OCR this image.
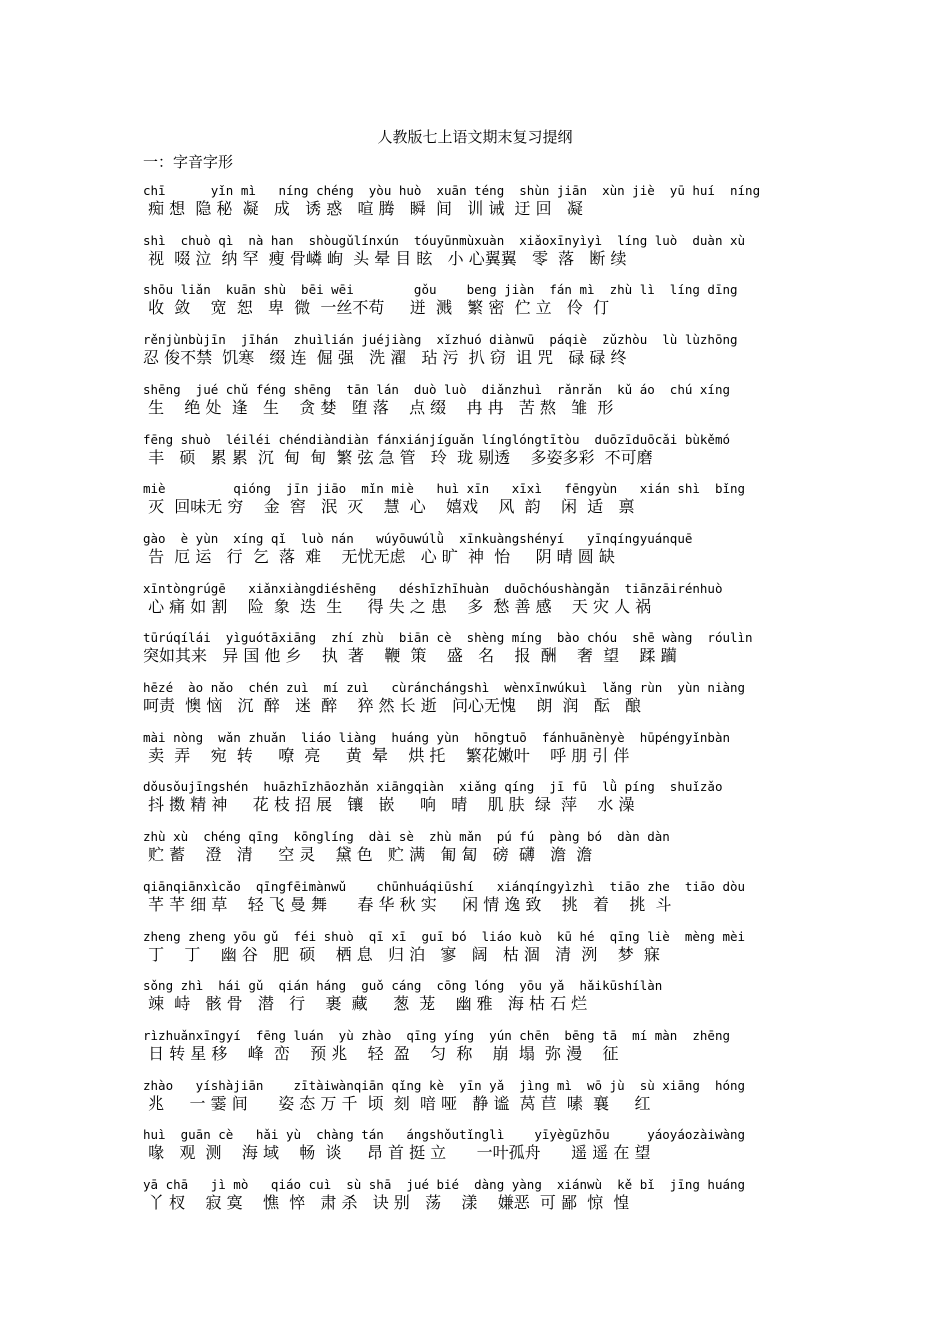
人教版七上语文期末复习提纲
一：字音字形
chī      yǐn mì   níng chéng  yòu huò  xuān téng  shùn jiān  xùn jiè  yū huí  níng
痴 想  隐 秘  凝   成   诱 惑   喧 腾   瞬  间   训 诫  迂 回   凝
shì  chuò qì  nà han  shòugǔlínxún  tóuyūnmùxuàn  xiǎoxīnyìyì  líng luò  duàn xù
视  啜 泣  纳 罕  瘦 骨嶙 峋  头 晕 目 眩   小 心翼翼   零  落   断 续
shōu liǎn  kuān shù  bēi wēi        gǒu    beng jiàn  fán mì  zhù lì  líng dīng
收  敛    宽  恕   卑  微  一丝不苟     迸  溅   繁 密  伫 立   伶  仃
rěnjùnbùjīn  jīhán  zhuìlián juéjiàng  xǐzhuó diànwū  páqiè  zǔzhòu  lù lùzhōng
忍 俊不禁  饥寒   缀 连  倔 强   洗 濯   玷 污  扒 窃  诅 咒   碌 碌 终
shēng  jué chǔ féng shēng  tān lán  duò luò  diǎnzhuì  rǎnrǎn  kǔ áo  chú xíng
生    绝 处  逢   生    贪 婪   堕 落    点 缀    冉 冉   苦 熬   雏  形
fēng shuò  léiléi chéndiàndiàn fánxiánjíguǎn línglóngtītòu  duōzīduōcǎi bùkěmó
丰   硕   累 累  沉  甸  甸  繁 弦 急 管   玲  珑 剔透    多姿多彩  不可磨
miè         qióng  jīn jiāo  mǐn miè   huì xīn   xīxì   fēngyùn   xián shì  bǐng
灭  回味无 穷    金  窖   泯  灭    慧  心    嬉戏    风  韵    闲  适   禀
gào  è yùn  xíng qǐ  luò nán   wúyōuwúlǜ  xīnkuàngshényí   yīnqíngyuánquē
告  厄 运   行  乞  落  难    无忧无虑   心 旷  神  怡     阴 晴 圆 缺
xīntòngrúgē   xiǎnxiàngdiéshēng   déshīzhīhuàn  duōchóushàngǎn  tiānzāirénhuò
心 痛 如 割    险  象  迭  生     得 失 之 患    多  愁 善 感    天 灾 人 祸
tūrúqílái  yìguótāxiāng  zhí zhù  biān cè  shèng míng  bào chóu  shē wàng  róulìn
突如其来   异 国 他 乡    执  著    鞭  策    盛   名    报  酬    奢  望    蹂 躏
hēzé  ào nǎo  chén zuì  mí zuì   cùránchángshì  wènxīnwúkuì  lǎng rùn  yùn niàng
呵责  懊 恼   沉  醉   迷  醉    猝 然 长 逝   问心无愧    朗  润   酝   酿
mài nòng  wǎn zhuǎn  liáo liàng  huáng yùn  hōngtuō  fánhuānènyè  hūpéngyǐnbàn
卖  弄    宛  转     嘹  亮     黄  晕    烘 托    繁花嫩叶    呼 朋 引 伴
dǒusǒujīngshén  huāzhīzhāozhǎn xiāngqiàn  xiǎng qíng  jī fū  lǜ píng  shuǐzǎo
抖 擞 精 神     花 枝 招 展   镶   嵌     响   晴    肌 肤  绿  萍    水 澡
zhù xù  chéng qīng  kōnglíng  dài sè  zhù mǎn  pú fú  pàng bó  dàn dàn
贮 蓄    澄   清     空 灵    黛 色   贮 满   匍 匐   磅  礴   澹  澹
qiānqiānxìcǎo  qīngfēimànwǔ    chūnhuáqiūshí   xiánqíngyìzhì  tiāo zhe  tiāo dòu
芊 芊 细 草    轻 飞 曼 舞      春 华 秋 实     闲 情 逸 致    挑   着    挑  斗
zheng zheng yōu gǔ  féi shuò  qī xī  guī bó  liáo kuò  kū hé  qīng liè  mèng mèi
丁    丁    幽 谷   肥  硕    栖 息   归 泊   寥   阔   枯 涸   清  洌    梦  寐
sǒng zhì  hái gǔ  qián háng  guǒ cáng  cōng lóng  yōu yǎ  hǎikūshílàn
竦  峙   骸 骨   潜   行    裹  藏     葱  茏    幽 雅   海 枯 石 烂
rìzhuǎnxīngyí  fēng luán  yù zhào  qīng yíng  yún chēn  bēng tā  mí màn  zhēng
日 转 星 移    峰  峦    预 兆    轻  盈    匀  称    崩  塌  弥 漫    征
zhào   yíshàjiān    zītàiwànqiān qǐng kè  yīn yǎ  jìng mì  wō jù  sù xiāng  hóng
兆     一 霎 间      姿 态 万 千  顷  刻  喑 哑   静 谧  莴 苣  嗉  襄     红
huì  guān cè   hǎi yù  chàng tán   ángshǒutǐnglì    yīyègūzhōu     yáoyáozàiwàng
喙   观  测    海 域    畅  谈     昂 首 挺 立      一叶孤舟      遥 遥 在 望
yā chā   jì mò   qiáo cuì  sù shā  jué bié  dàng yàng  xiánwù  kě bǐ  jīng huáng
丫 杈    寂 寞    憔  悴   肃 杀   诀 别   荡    漾    嫌恶  可 鄙  惊  惶
